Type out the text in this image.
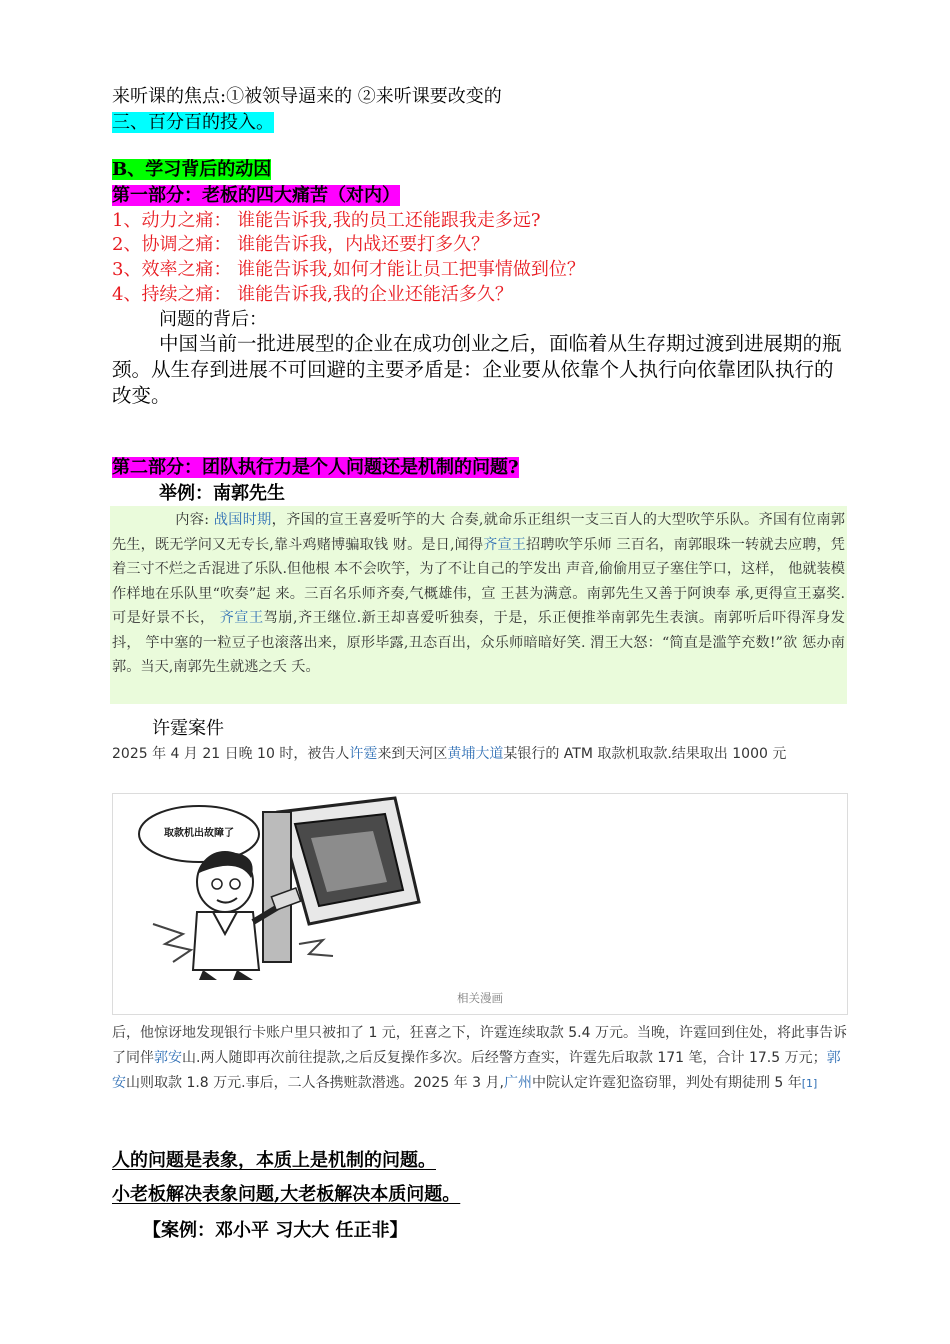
来听课的焦点:①被领导逼来的 ②来听课要改变的
三、百分百的投入。
B、学习背后的动因
第一部分：老板的四大痛苦（对内）
1、动力之痛： 谁能告诉我,我的员工还能跟我走多远?
2、协调之痛： 谁能告诉我，内战还要打多久？
3、效率之痛： 谁能告诉我,如何才能让员工把事情做到位？
4、持续之痛： 谁能告诉我,我的企业还能活多久？
问题的背后：
中国当前一批进展型的企业在成功创业之后，面临着从生存期过渡到进展期的瓶颈。从生存到进展不可回避的主要矛盾是：企业要从依靠个人执行向依靠团队执行的改变。
第二部分：团队执行力是个人问题还是机制的问题?
举例：南郭先生
内容: 战国时期，齐国的宣王喜爱听竽的大 合奏,就命乐正组织一支三百人的大型吹竽乐队。齐国有位南郭先生，既无学问又无专长,靠斗鸡赌博骗取钱 财。是日,闻得齐宣王招聘吹竽乐师 三百名，南郭眼珠一转就去应聘，凭着三寸不烂之舌混进了乐队.但他根 本不会吹竽，为了不让自己的竽发出 声音,偷偷用豆子塞住竽口，这样， 他就装模作样地在乐队里“吹奏”起 来。三百名乐师齐奏,气概雄伟，宣 王甚为满意。南郭先生又善于阿谀奉 承,更得宣王嘉奖.可是好景不长， 齐宣王驾崩,齐王继位.新王却喜爱听独奏，于是，乐正便推举南郭先生表演。南郭听后吓得浑身发抖， 竽中塞的一粒豆子也滚落出来，原形毕露,丑态百出，众乐师暗暗好笑. 渭王大怒：“简直是滥竽充数!”欲 惩办南郭。当天,南郭先生就逃之夭 夭。
许霆案件
2025 年 4 月 21 日晚 10 时，被告人许霆来到天河区黄埔大道某银行的 ATM 取款机取款.结果取出 1000 元
取款机出故障了
相关漫画
后，他惊讶地发现银行卡账户里只被扣了 1 元，狂喜之下，许霆连续取款 5.4 万元。当晚，许霆回到住处，将此事告诉了同伴郭安山.两人随即再次前往提款,之后反复操作多次。后经警方查实，许霆先后取款 171 笔，合计 17.5 万元；郭安山则取款 1.8 万元.事后，二人各携赃款潜逃。2025 年 3 月,广州中院认定许霆犯盗窃罪，判处有期徒刑 5 年[1]
人的问题是表象，本质上是机制的问题。
小老板解决表象问题,大老板解决本质问题。
【案例：邓小平 习大大 任正非】
